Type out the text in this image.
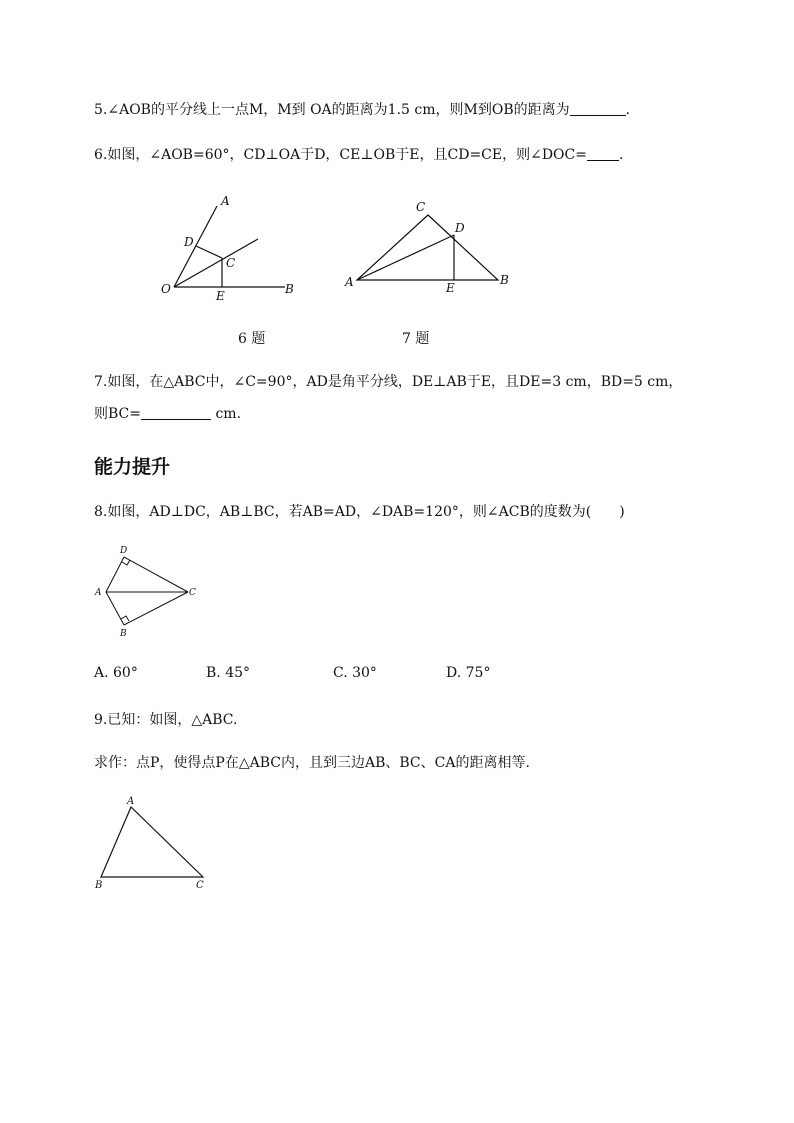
5.∠AOB的平分线上一点M，M到 OA的距离为1.5 cm，则M到OB的距离为	.
6.如图，∠AOB=60°，CD⊥OA于D，CE⊥OB于E，且CD=CE，则∠DOC= .
A
D
C
O	E	B
C
D
A	E
B
D
A	C
B
A
B	C
6 题	7 题
7.如图，在△ABC中，∠C=90°，AD是角平分线，DE⊥AB于E，且DE=3 cm，BD=5 cm，
则BC=	cm.
能力提升
8.如图，AD⊥DC，AB⊥BC，若AB=AD，∠DAB=120°，则∠ACB的度数为(　　)
A. 60°	B. 45°	C. 30°	D. 75°
9.已知：如图，△ABC.
求作：点P，使得点P在△ABC内，且到三边AB、BC、CA的距离相等.
